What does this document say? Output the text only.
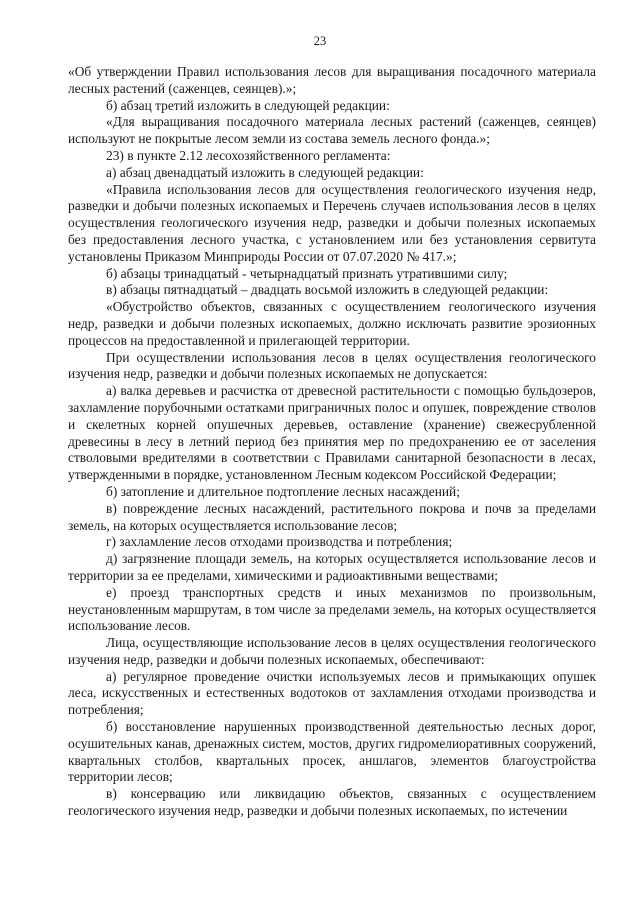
23

«Об утверждении Правил использования лесов для выращивания посадочного материала лесных растений (саженцев, сеянцев).»;

б) абзац третий изложить в следующей редакции:

«Для выращивания посадочного материала лесных растений (саженцев, сеянцев) используют не покрытые лесом земли из состава земель лесного фонда.»;

23) в пункте 2.12 лесохозяйственного регламента:

а) абзац двенадцатый изложить в следующей редакции:

«Правила использования лесов для осуществления геологического изучения недр, разведки и добычи полезных ископаемых и Перечень случаев использования лесов в целях осуществления геологического изучения недр, разведки и добычи полезных ископаемых без предоставления лесного участка, с установлением или без установления сервитута установлены Приказом Минприроды России от 07.07.2020 № 417.»;

б) абзацы тринадцатый - четырнадцатый признать утратившими силу;

в) абзацы пятнадцатый – двадцать восьмой изложить в следующей редакции:

«Обустройство объектов, связанных с осуществлением геологического изучения недр, разведки и добычи полезных ископаемых, должно исключать развитие эрозионных процессов на предоставленной и прилегающей территории.

При осуществлении использования лесов в целях осуществления геологического изучения недр, разведки и добычи полезных ископаемых не допускается:

а) валка деревьев и расчистка от древесной растительности с помощью бульдозеров, захламление порубочными остатками приграничных полос и опушек, повреждение стволов и скелетных корней опушечных деревьев, оставление (хранение) свежесрубленной древесины в лесу в летний период без принятия мер по предохранению ее от заселения стволовыми вредителями в соответствии с Правилами санитарной безопасности в лесах, утвержденными в порядке, установленном Лесным кодексом Российской Федерации;

б) затопление и длительное подтопление лесных насаждений;

в) повреждение лесных насаждений, растительного покрова и почв за пределами земель, на которых осуществляется использование лесов;

г) захламление лесов отходами производства и потребления;

д) загрязнение площади земель, на которых осуществляется использование лесов и территории за ее пределами, химическими и радиоактивными веществами;

е) проезд транспортных средств и иных механизмов по произвольным, неустановленным маршрутам, в том числе за пределами земель, на которых осуществляется использование лесов.

Лица, осуществляющие использование лесов в целях осуществления геологического изучения недр, разведки и добычи полезных ископаемых, обеспечивают:

а) регулярное проведение очистки используемых лесов и примыкающих опушек леса, искусственных и естественных водотоков от захламления отходами производства и потребления;

б) восстановление нарушенных производственной деятельностью лесных дорог, осушительных канав, дренажных систем, мостов, других гидромелиоративных сооружений, квартальных столбов, квартальных просек, аншлагов, элементов благоустройства территории лесов;

в) консервацию или ликвидацию объектов, связанных с осуществлением геологического изучения недр, разведки и добычи полезных ископаемых, по истечении
